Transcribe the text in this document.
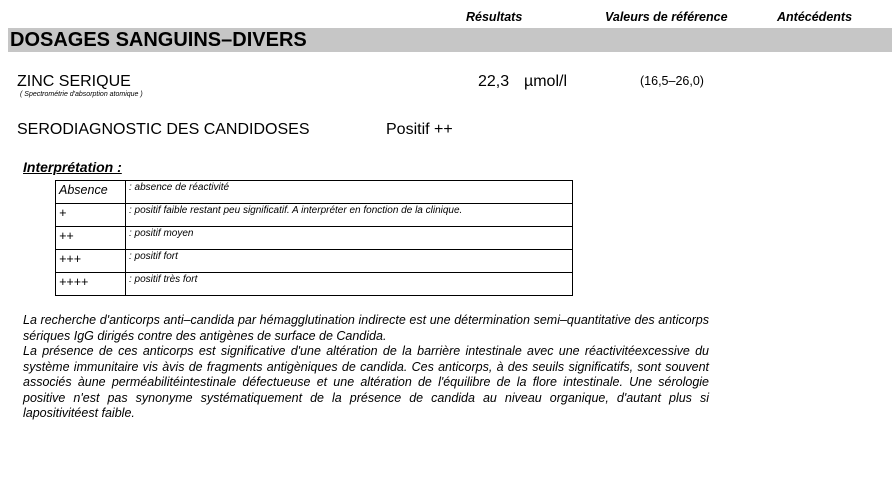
Résultats	Valeurs de référence	Antécédents
DOSAGES SANGUINS–DIVERS
ZINC SERIQUE
( Spectrométrie d'absorption atomique )
22,3 µmol/l	(16,5–26,0)
SERODIAGNOSTIC DES CANDIDOSES	Positif ++
Interprétation :
Absence	: absence de réactivité
+	: positif faible restant peu significatif. A interpréter en fonction de la clinique.
++	: positif moyen
+++	: positif fort
++++	: positif très fort

La recherche d'anticorps anti–candida par hémagglutination indirecte est une détermination semi–quantitative des anticorps sériques IgG dirigés contre des antigènes de surface de Candida.

La présence de ces anticorps est significative d'une altération de la barrière intestinale avec une réactivitéexcessive du système immunitaire vis àvis de fragments antigèniques de candida. Ces anticorps, à des seuils significatifs, sont souvent associés àune perméabilitéintestinale défectueuse et une altération de l'équilibre de la flore intestinale. Une sérologie positive n'est pas synonyme systématiquement de la présence de candida au niveau organique, d'autant plus si lapositivitéest faible.
